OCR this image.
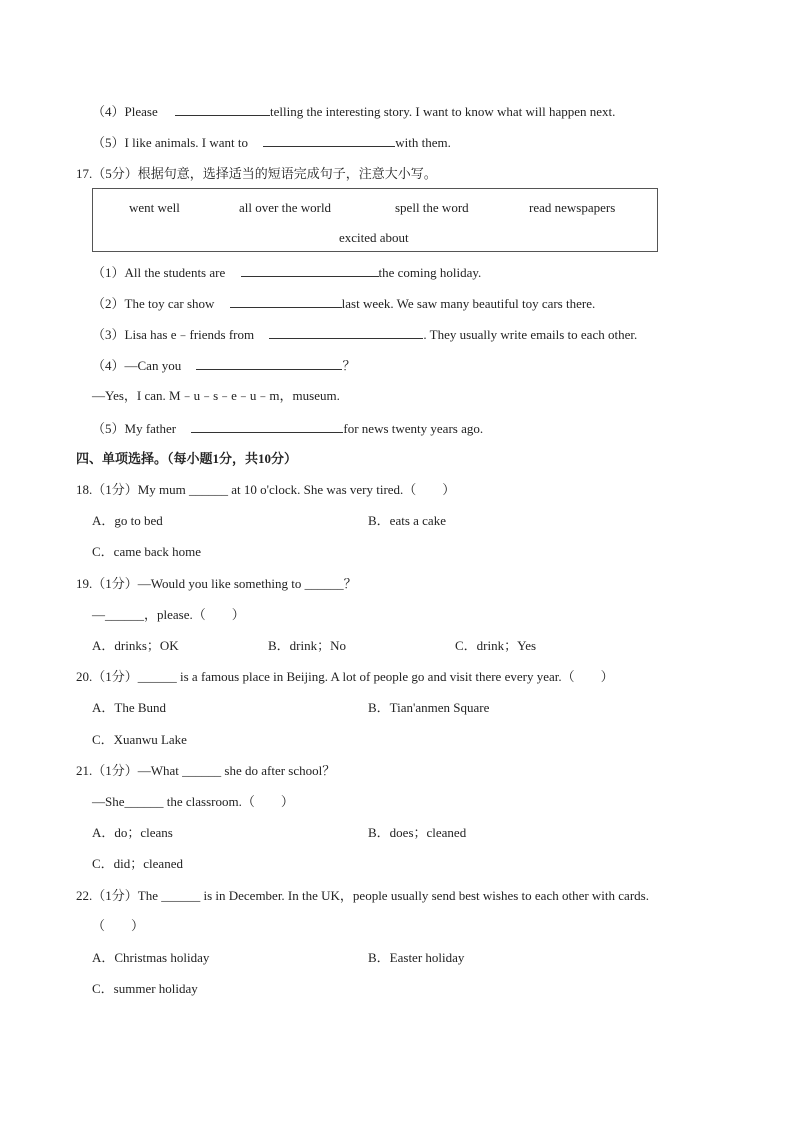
（4）Please	telling the interesting story. I want to know what will happen next.
（5）I like animals. I want to	with them.
17.（5分）根据句意，选择适当的短语完成句子，注意大小写。
went well	all over the world	spell the word	read newspapers
excited about
（1）All the students are	the coming holiday.
（2）The toy car show	last week. We saw many beautiful toy cars there.
（3）Lisa has e﹣friends from	. They usually write emails to each other.
（4）—Can you	？
—Yes，I can. M﹣u﹣s﹣e﹣u﹣m，museum.
（5）My father	for news twenty years ago.
四、单项选择。（每小题1分，共10分）
18.（1分）My mum ______ at 10 o'clock. She was very tired.（　　）
A．go to bed	B．eats a cake
C．came back home
19.（1分）—Would you like something to ______？
—______，please.（　　）
A．drinks；OK	B．drink；No	C．drink；Yes
20.（1分）______ is a famous place in Beijing. A lot of people go and visit there every year.（　　）
A．The Bund	B．Tian'anmen Square
C．Xuanwu Lake
21.（1分）—What ______ she do after school？
—She______ the classroom.（　　）
A．do；cleans	B．does；cleaned
C．did；cleaned
22.（1分）The ______ is in December. In the UK，people usually send best wishes to each other with cards.
（　　）
A．Christmas holiday	B．Easter holiday
C．summer holiday
